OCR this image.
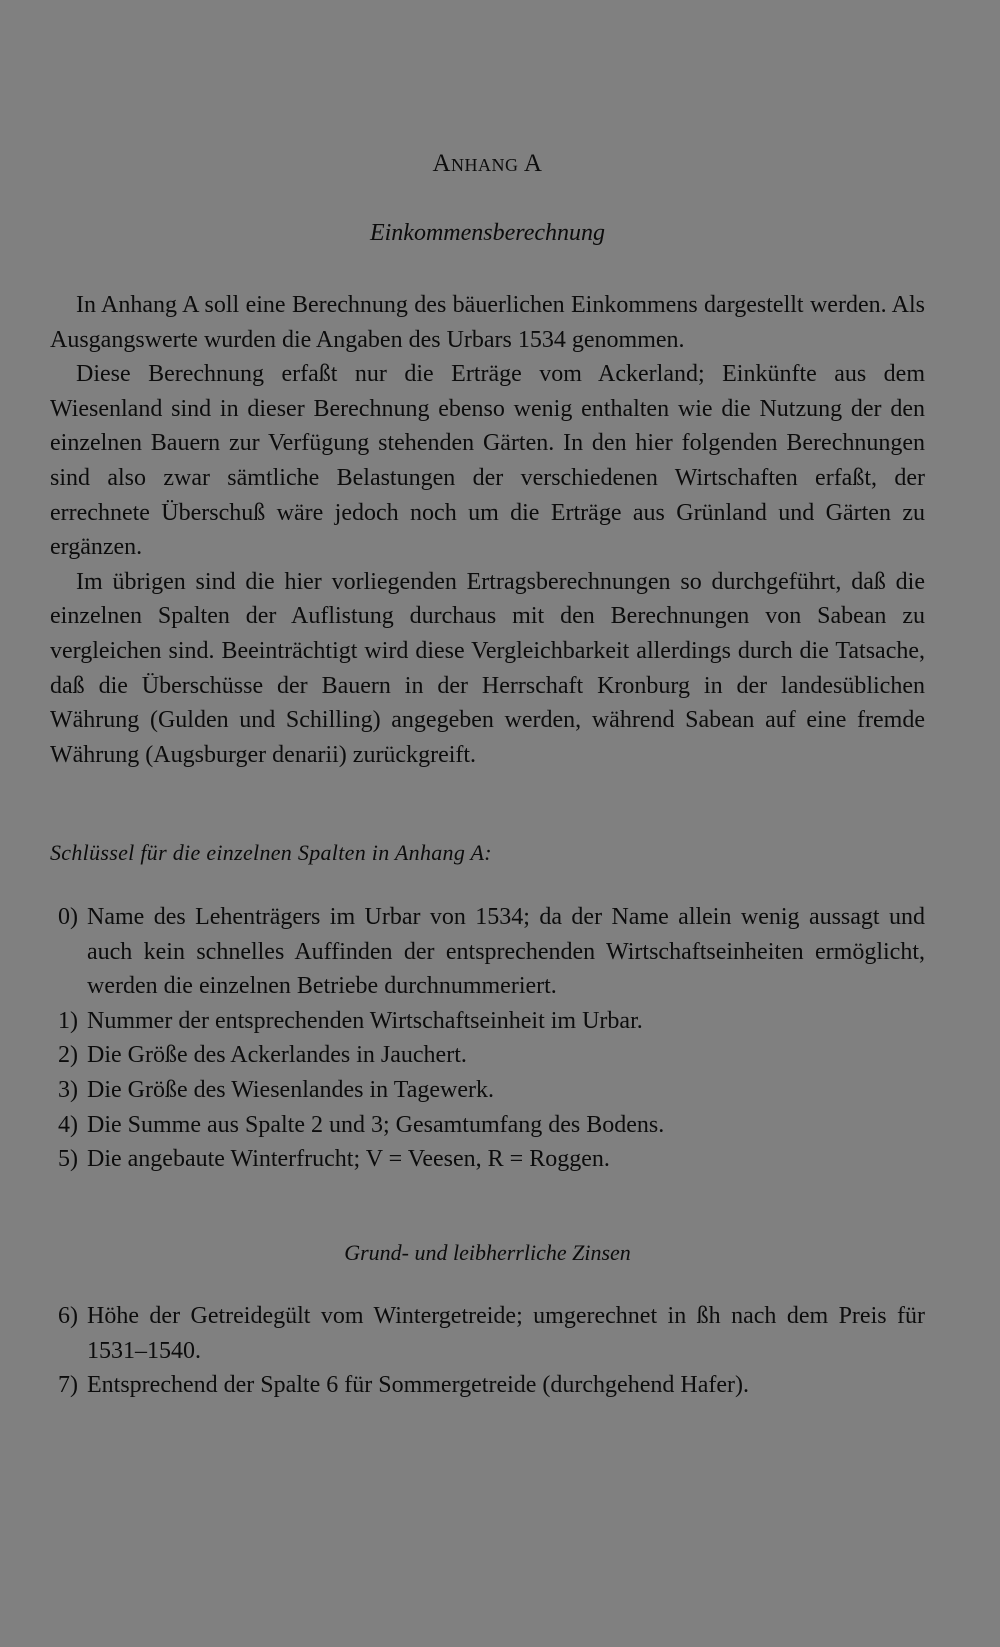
Anhang A
Einkommensberechnung

In Anhang A soll eine Berechnung des bäuerlichen Einkommens dargestellt werden. Als Ausgangswerte wurden die Angaben des Urbars 1534 genommen.

Diese Berechnung erfaßt nur die Erträge vom Ackerland; Einkünfte aus dem Wiesenland sind in dieser Berechnung ebenso wenig enthalten wie die Nutzung der den einzelnen Bauern zur Verfügung stehenden Gärten. In den hier folgenden Berechnungen sind also zwar sämtliche Belastungen der verschiedenen Wirtschaften erfaßt, der errechnete Überschuß wäre jedoch noch um die Erträge aus Grünland und Gärten zu ergänzen.

Im übrigen sind die hier vorliegenden Ertragsberechnungen so durchgeführt, daß die einzelnen Spalten der Auflistung durchaus mit den Berechnungen von Sabean zu vergleichen sind. Beeinträchtigt wird diese Vergleichbarkeit allerdings durch die Tatsache, daß die Überschüsse der Bauern in der Herrschaft Kronburg in der landesüblichen Währung (Gulden und Schilling) angegeben werden, während Sabean auf eine fremde Währung (Augsburger denarii) zurückgreift.

Schlüssel für die einzelnen Spalten in Anhang A:
0) Name des Lehenträgers im Urbar von 1534; da der Name allein wenig aussagt und auch kein schnelles Auffinden der entsprechenden Wirtschaftseinheiten ermöglicht, werden die einzelnen Betriebe durchnummeriert.
1) Nummer der entsprechenden Wirtschaftseinheit im Urbar.
2) Die Größe des Ackerlandes in Jauchert.
3) Die Größe des Wiesenlandes in Tagewerk.
4) Die Summe aus Spalte 2 und 3; Gesamtumfang des Bodens.
5) Die angebaute Winterfrucht; V = Veesen, R = Roggen.
Grund- und leibherrliche Zinsen
6) Höhe der Getreidegült vom Wintergetreide; umgerechnet in ßh nach dem Preis für 1531–1540.
7) Entsprechend der Spalte 6 für Sommergetreide (durchgehend Hafer).
